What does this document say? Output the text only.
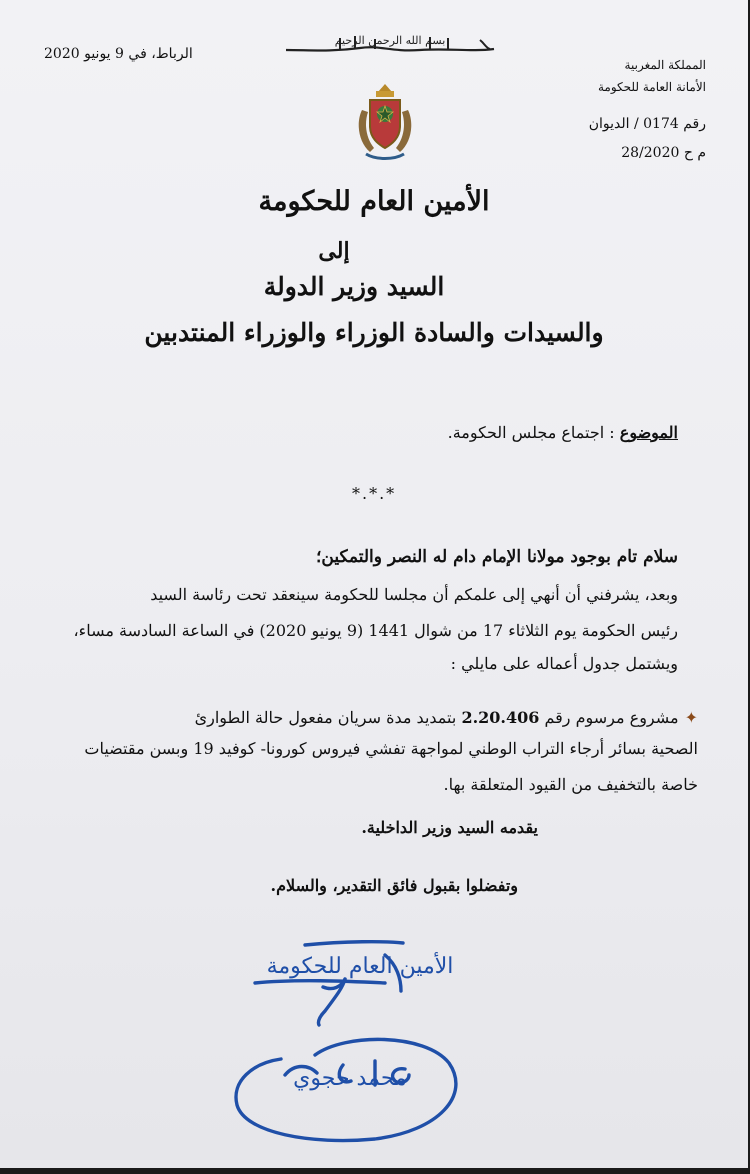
بسم الله الرحمن الرحيم
الرباط، في 9 يونيو 2020
المملكة المغربية
الأمانة العامة للحكومة
رقم 0174 / الديوان
م ح 28/2020
الأمين العام للحكومة
إلى
السيد وزير الدولة
والسيدات والسادة الوزراء والوزراء المنتدبين
الموضوع : اجتماع مجلس الحكومة.
*.*.*
سلام تام بوجود مولانا الإمام دام له النصر والتمكين؛
وبعد، يشرفني أن أنهي إلى علمكم أن مجلسا للحكومة سينعقد تحت رئاسة السيد
رئيس الحكومة يوم الثلاثاء 17 من شوال 1441 (9 يونيو 2020) في الساعة السادسة مساء،
ويشتمل جدول أعماله على مايلي :
✦مشروع مرسوم رقم 2.20.406 بتمديد مدة سريان مفعول حالة الطوارئ
الصحية بسائر أرجاء التراب الوطني لمواجهة تفشي فيروس كورونا- كوفيد 19 وبسن مقتضيات
خاصة بالتخفيف من القيود المتعلقة بها.
يقدمه السيد وزير الداخلية.
وتفضلوا بقبول فائق التقدير، والسلام.
الأمين العام للحكومة
محمد حجوي
